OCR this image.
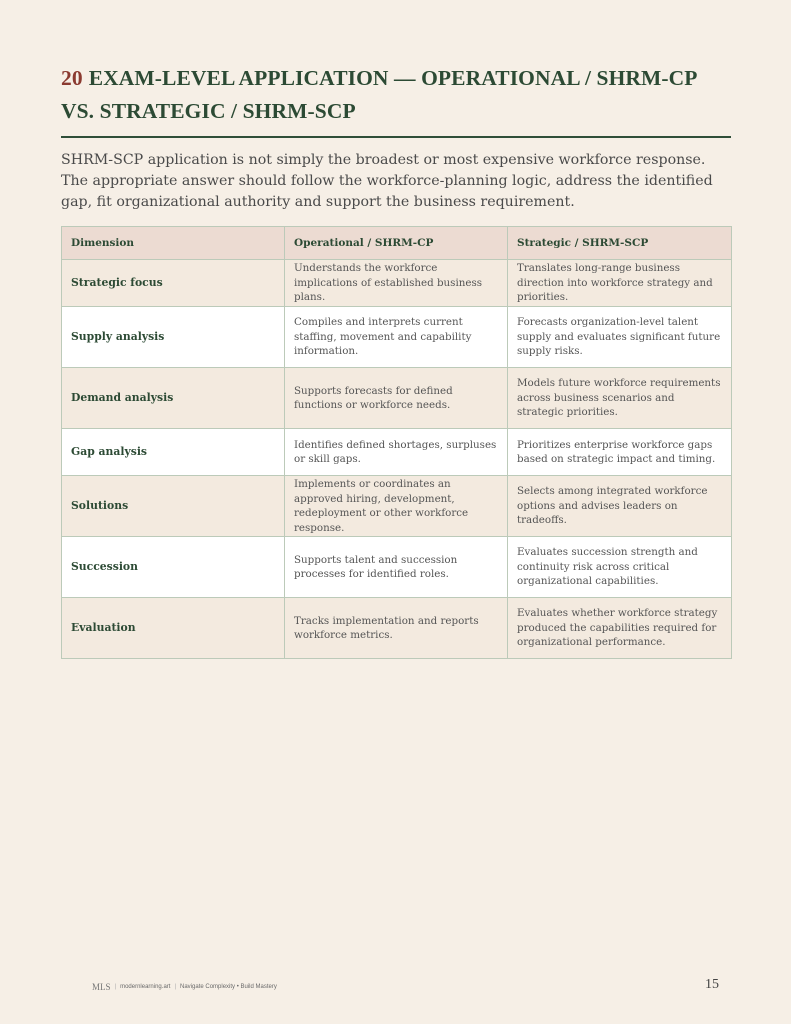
20 EXAM-LEVEL APPLICATION — OPERATIONAL / SHRM-CP VS. STRATEGIC / SHRM-SCP

SHRM-SCP application is not simply the broadest or most expensive workforce response. The appropriate answer should follow the workforce-planning logic, address the identified gap, fit organizational authority and support the business requirement.

Dimension	Operational / SHRM-CP	Strategic / SHRM-SCP
Strategic focus	Understands the workforce implications of established business plans.	Translates long-range business direction into workforce strategy and priorities.
Supply analysis	Compiles and interprets current staffing, movement and capability information.	Forecasts organization-level talent supply and evaluates significant future supply risks.
Demand analysis	Supports forecasts for defined functions or workforce needs.	Models future workforce requirements across business scenarios and strategic priorities.
Gap analysis	Identifies defined shortages, surpluses or skill gaps.	Prioritizes enterprise workforce gaps based on strategic impact and timing.
Solutions	Implements or coordinates an approved hiring, development, redeployment or other workforce response.	Selects among integrated workforce options and advises leaders on tradeoffs.
Succession	Supports talent and succession processes for identified roles.	Evaluates succession strength and continuity risk across critical organizational capabilities.
Evaluation	Tracks implementation and reports workforce metrics.	Evaluates whether workforce strategy produced the capabilities required for organizational performance.
MLS | modernlearning.art | Navigate Complexity • Build Mastery	15
